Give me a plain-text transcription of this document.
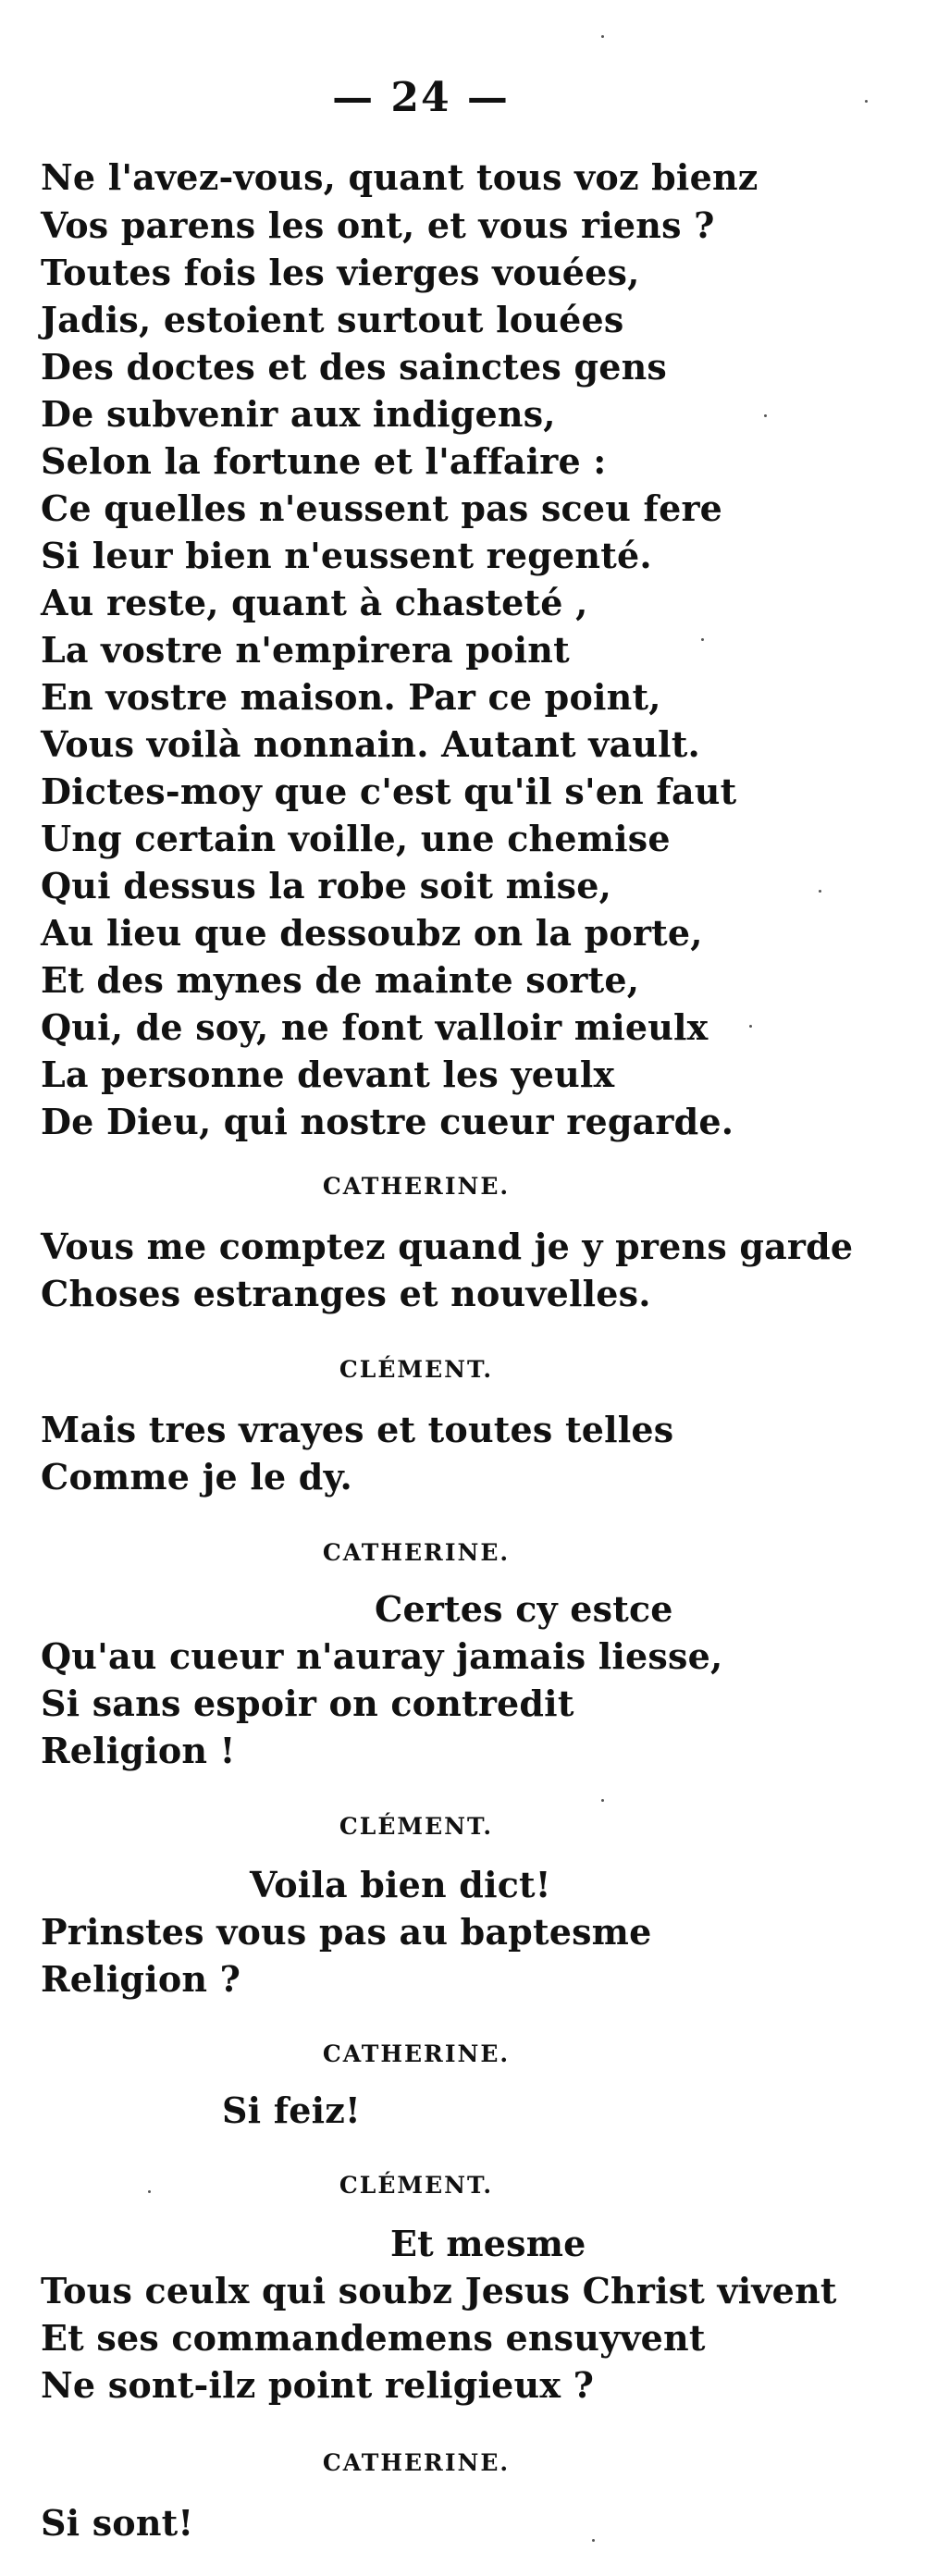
— 24 —
Ne l'avez-vous, quant tous voz bienz
Vos parens les ont, et vous riens ?
Toutes fois les vierges vouées,
Jadis, estoient surtout louées
Des doctes et des sainctes gens
De subvenir aux indigens,
Selon la fortune et l'affaire :
Ce quelles n'eussent pas sceu fere
Si leur bien n'eussent regenté.
Au reste, quant à chasteté ,
La vostre n'empirera point
En vostre maison. Par ce point,
Vous voilà nonnain. Autant vault.
Dictes-moy que c'est qu'il s'en faut
Ung certain voille, une chemise
Qui dessus la robe soit mise,
Au lieu que dessoubz on la porte,
Et des mynes de mainte sorte,
Qui, de soy, ne font valloir mieulx
La personne devant les yeulx
De Dieu, qui nostre cueur regarde.
CATHERINE.
Vous me comptez quand je y prens garde
Choses estranges et nouvelles.
CLÉMENT.
Mais tres vrayes et toutes telles
Comme je le dy.
CATHERINE.
Certes cy estce
Qu'au cueur n'auray jamais liesse,
Si sans espoir on contredit
Religion !
CLÉMENT.
Voila bien dict!
Prinstes vous pas au baptesme
Religion ?
CATHERINE.
Si feiz!
CLÉMENT.
Et mesme
Tous ceulx qui soubz Jesus Christ vivent
Et ses commandemens ensuyvent
Ne sont-ilz point religieux ?
CATHERINE.
Si sont!
